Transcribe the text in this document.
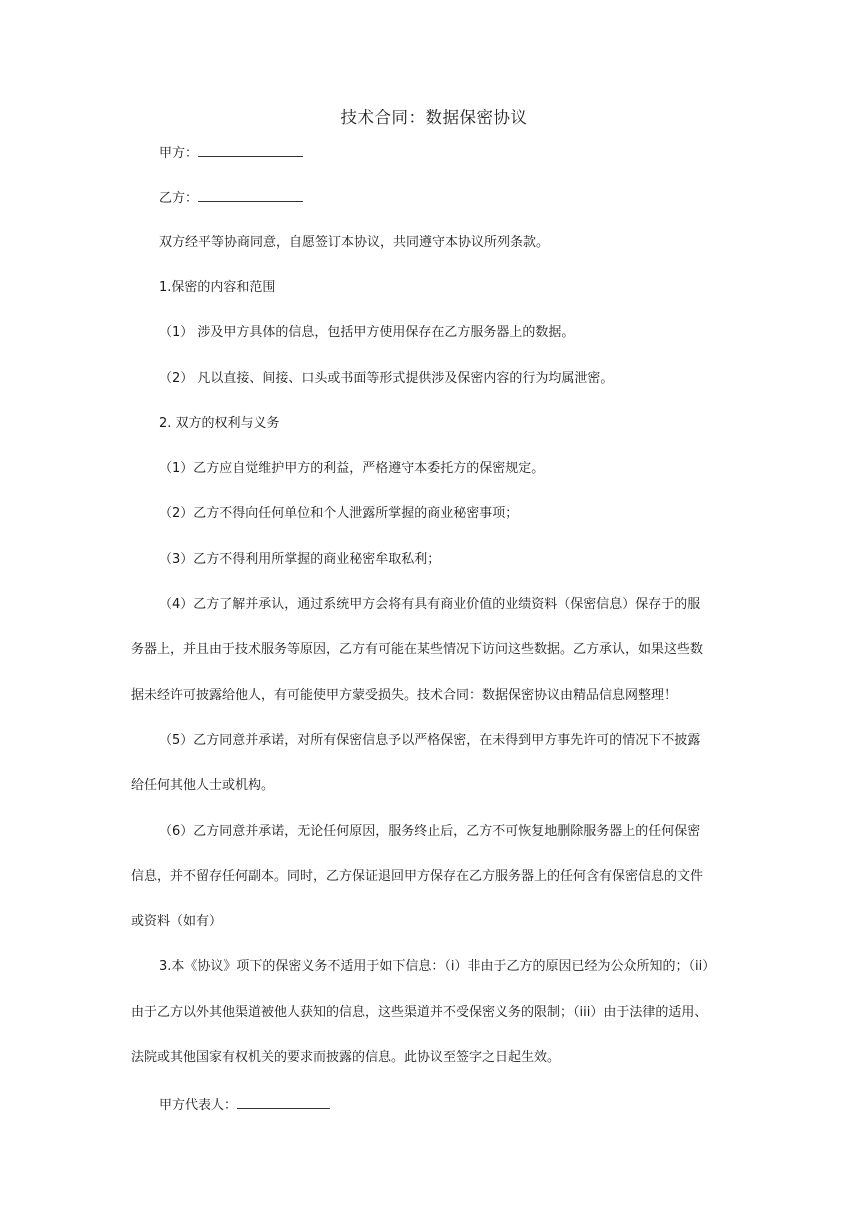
技术合同：数据保密协议
甲方：
乙方：
双方经平等协商同意，自愿签订本协议，共同遵守本协议所列条款。
1.保密的内容和范围
（1） 涉及甲方具体的信息，包括甲方使用保存在乙方服务器上的数据。
（2） 凡以直接、间接、口头或书面等形式提供涉及保密内容的行为均属泄密。
2. 双方的权利与义务
（1）乙方应自觉维护甲方的利益，严格遵守本委托方的保密规定。
（2）乙方不得向任何单位和个人泄露所掌握的商业秘密事项；
（3）乙方不得利用所掌握的商业秘密牟取私利；
（4）乙方了解并承认，通过系统甲方会将有具有商业价值的业绩资料（保密信息）保存于的服
务器上，并且由于技术服务等原因，乙方有可能在某些情况下访问这些数据。乙方承认，如果这些数
据未经许可披露给他人，有可能使甲方蒙受损失。技术合同：数据保密协议由精品信息网整理！
（5）乙方同意并承诺，对所有保密信息予以严格保密，在未得到甲方事先许可的情况下不披露
给任何其他人士或机构。
（6）乙方同意并承诺，无论任何原因，服务终止后，乙方不可恢复地删除服务器上的任何保密
信息，并不留存任何副本。同时，乙方保证退回甲方保存在乙方服务器上的任何含有保密信息的文件
或资料（如有）
3.本《协议》项下的保密义务不适用于如下信息：（i）非由于乙方的原因已经为公众所知的；（ii）
由于乙方以外其他渠道被他人获知的信息，这些渠道并不受保密义务的限制；（iii）由于法律的适用、
法院或其他国家有权机关的要求而披露的信息。此协议至签字之日起生效。
甲方代表人：
